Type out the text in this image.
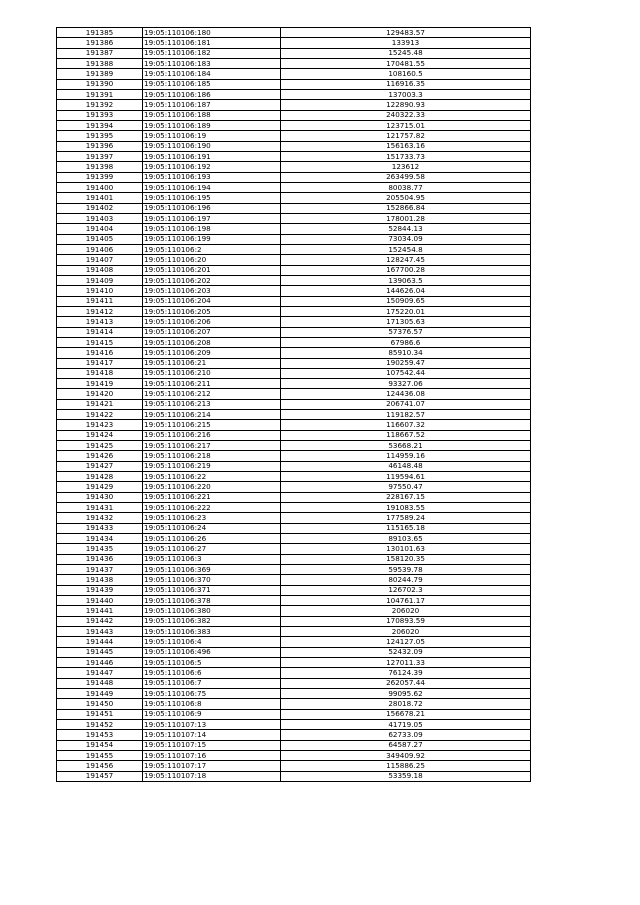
191385	19:05:110106:180	129483.57
191386	19:05:110106:181	133913
191387	19:05:110106:182	15245.48
191388	19:05:110106:183	170481.55
191389	19:05:110106:184	108160.5
191390	19:05:110106:185	116916.35
191391	19:05:110106:186	137003.3
191392	19:05:110106:187	122890.93
191393	19:05:110106:188	240322.33
191394	19:05:110106:189	123715.01
191395	19:05:110106:19	121757.82
191396	19:05:110106:190	156163.16
191397	19:05:110106:191	151733.73
191398	19:05:110106:192	123612
191399	19:05:110106:193	263499.58
191400	19:05:110106:194	80038.77
191401	19:05:110106:195	205504.95
191402	19:05:110106:196	152866.84
191403	19:05:110106:197	178001.28
191404	19:05:110106:198	52844.13
191405	19:05:110106:199	73034.09
191406	19:05:110106:2	152454.8
191407	19:05:110106:20	128247.45
191408	19:05:110106:201	167700.28
191409	19:05:110106:202	139063.5
191410	19:05:110106:203	144626.04
191411	19:05:110106:204	150909.65
191412	19:05:110106:205	175220.01
191413	19:05:110106:206	171305.63
191414	19:05:110106:207	57376.57
191415	19:05:110106:208	67986.6
191416	19:05:110106:209	85910.34
191417	19:05:110106:21	190259.47
191418	19:05:110106:210	107542.44
191419	19:05:110106:211	93327.06
191420	19:05:110106:212	124436.08
191421	19:05:110106:213	206741.07
191422	19:05:110106:214	119182.57
191423	19:05:110106:215	116607.32
191424	19:05:110106:216	118667.52
191425	19:05:110106:217	53668.21
191426	19:05:110106:218	114959.16
191427	19:05:110106:219	46148.48
191428	19:05:110106:22	119594.61
191429	19:05:110106:220	97550.47
191430	19:05:110106:221	228167.15
191431	19:05:110106:222	191083.55
191432	19:05:110106:23	177589.24
191433	19:05:110106:24	115165.18
191434	19:05:110106:26	89103.65
191435	19:05:110106:27	130101.63
191436	19:05:110106:3	158120.35
191437	19:05:110106:369	59539.78
191438	19:05:110106:370	80244.79
191439	19:05:110106:371	126702.3
191440	19:05:110106:378	104761.17
191441	19:05:110106:380	206020
191442	19:05:110106:382	170893.59
191443	19:05:110106:383	206020
191444	19:05:110106:4	124127.05
191445	19:05:110106:496	52432.09
191446	19:05:110106:5	127011.33
191447	19:05:110106:6	76124.39
191448	19:05:110106:7	262057.44
191449	19:05:110106:75	99095.62
191450	19:05:110106:8	28018.72
191451	19:05:110106:9	156678.21
191452	19:05:110107:13	41719.05
191453	19:05:110107:14	62733.09
191454	19:05:110107:15	64587.27
191455	19:05:110107:16	349409.92
191456	19:05:110107:17	115886.25
191457	19:05:110107:18	53359.18
